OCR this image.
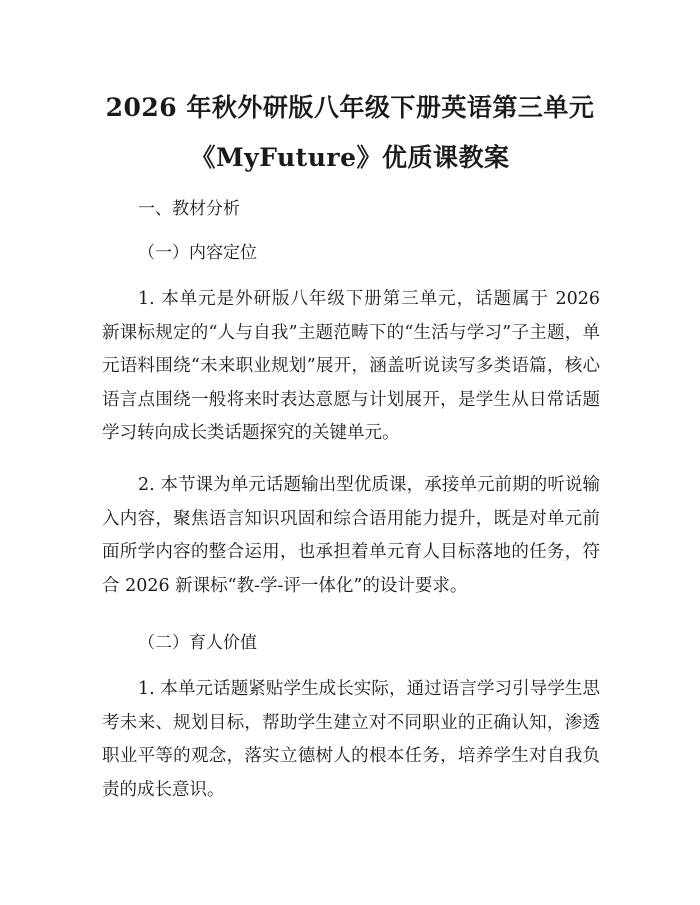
2026 年秋外研版八年级下册英语第三单元
《MyFuture》优质课教案
一、教材分析
（一）内容定位
1. 本单元是外研版八年级下册第三单元，话题属于 2026 新课标规定的“人与自我”主题范畴下的“生活与学习”子主题，单元语料围绕“未来职业规划”展开，涵盖听说读写多类语篇，核心语言点围绕一般将来时表达意愿与计划展开，是学生从日常话题学习转向成长类话题探究的关键单元。
2. 本节课为单元话题输出型优质课，承接单元前期的听说输入内容，聚焦语言知识巩固和综合语用能力提升，既是对单元前面所学内容的整合运用，也承担着单元育人目标落地的任务，符合 2026 新课标“教-学-评一体化”的设计要求。
（二）育人价值
1. 本单元话题紧贴学生成长实际，通过语言学习引导学生思考未来、规划目标，帮助学生建立对不同职业的正确认知，渗透职业平等的观念，落实立德树人的根本任务，培养学生对自我负责的成长意识。
